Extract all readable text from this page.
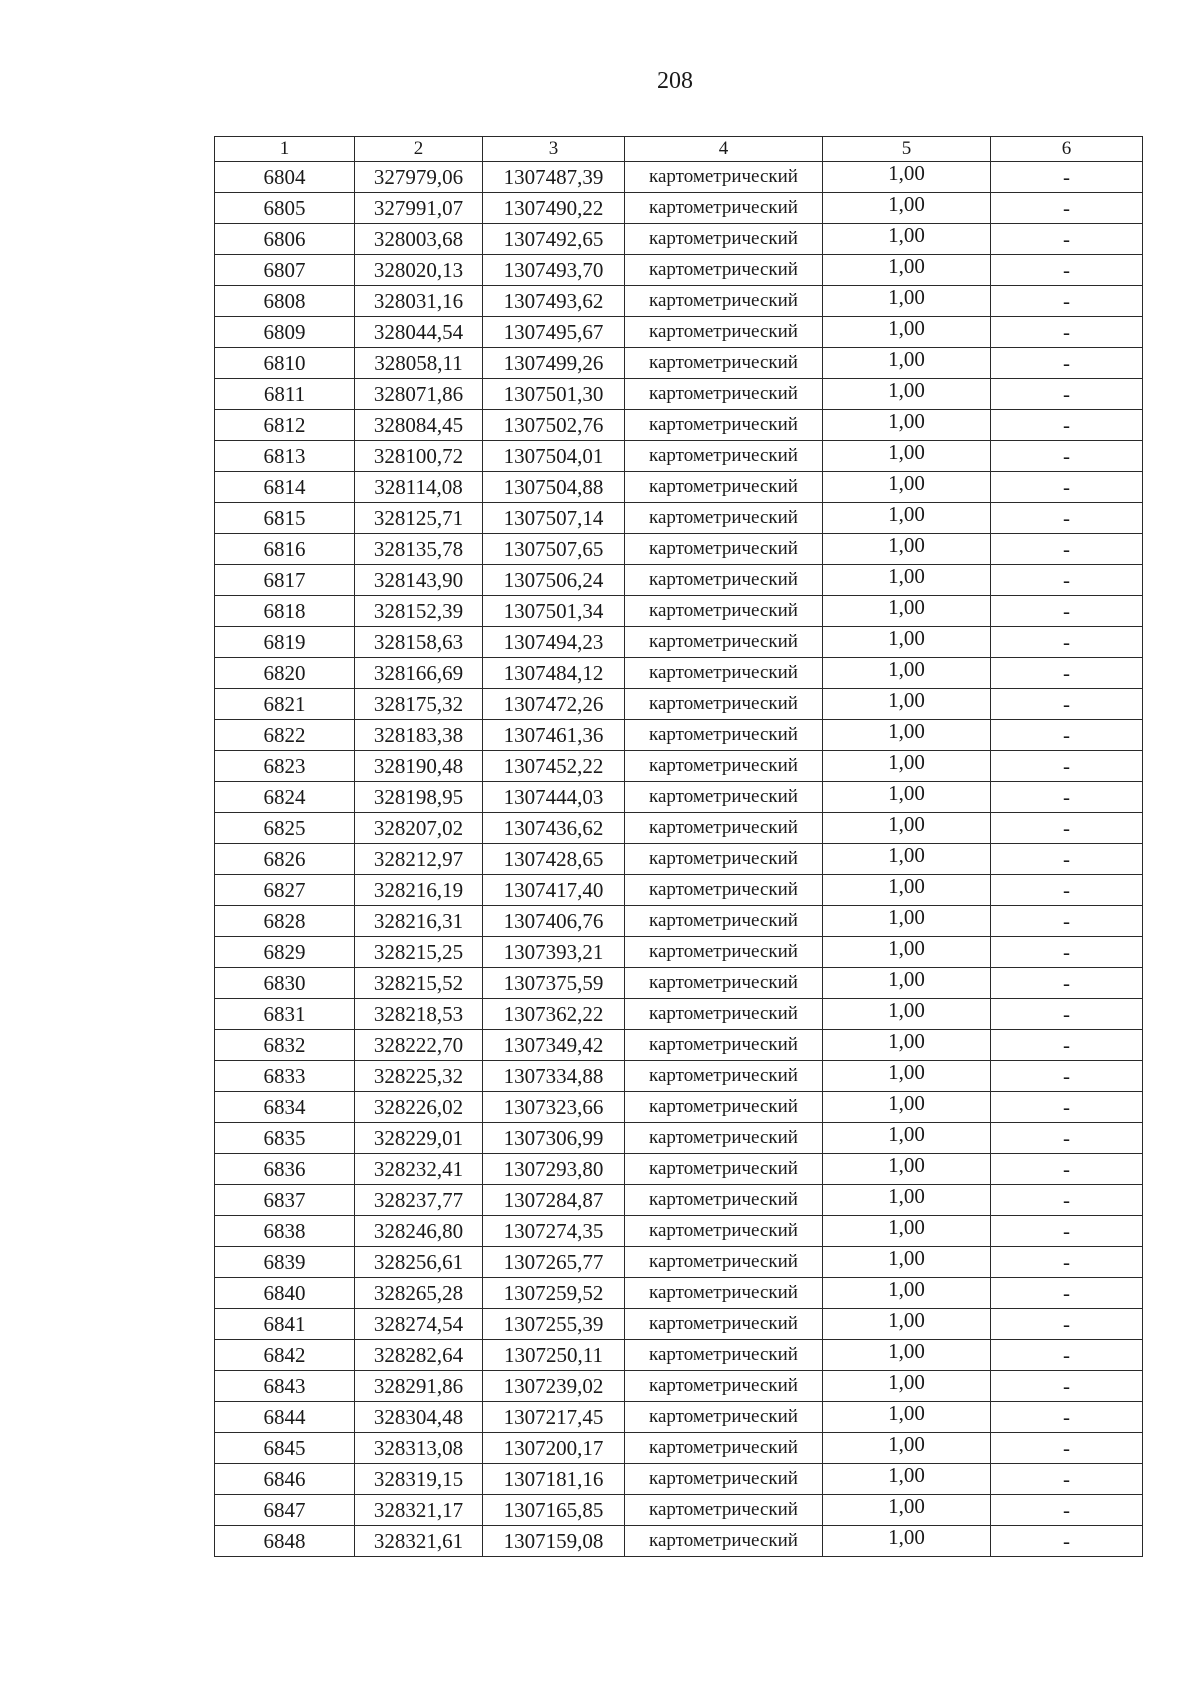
208
1	2	3	4	5	6
6804	327979,06	1307487,39	картометрический	1,00	-
6805	327991,07	1307490,22	картометрический	1,00	-
6806	328003,68	1307492,65	картометрический	1,00	-
6807	328020,13	1307493,70	картометрический	1,00	-
6808	328031,16	1307493,62	картометрический	1,00	-
6809	328044,54	1307495,67	картометрический	1,00	-
6810	328058,11	1307499,26	картометрический	1,00	-
6811	328071,86	1307501,30	картометрический	1,00	-
6812	328084,45	1307502,76	картометрический	1,00	-
6813	328100,72	1307504,01	картометрический	1,00	-
6814	328114,08	1307504,88	картометрический	1,00	-
6815	328125,71	1307507,14	картометрический	1,00	-
6816	328135,78	1307507,65	картометрический	1,00	-
6817	328143,90	1307506,24	картометрический	1,00	-
6818	328152,39	1307501,34	картометрический	1,00	-
6819	328158,63	1307494,23	картометрический	1,00	-
6820	328166,69	1307484,12	картометрический	1,00	-
6821	328175,32	1307472,26	картометрический	1,00	-
6822	328183,38	1307461,36	картометрический	1,00	-
6823	328190,48	1307452,22	картометрический	1,00	-
6824	328198,95	1307444,03	картометрический	1,00	-
6825	328207,02	1307436,62	картометрический	1,00	-
6826	328212,97	1307428,65	картометрический	1,00	-
6827	328216,19	1307417,40	картометрический	1,00	-
6828	328216,31	1307406,76	картометрический	1,00	-
6829	328215,25	1307393,21	картометрический	1,00	-
6830	328215,52	1307375,59	картометрический	1,00	-
6831	328218,53	1307362,22	картометрический	1,00	-
6832	328222,70	1307349,42	картометрический	1,00	-
6833	328225,32	1307334,88	картометрический	1,00	-
6834	328226,02	1307323,66	картометрический	1,00	-
6835	328229,01	1307306,99	картометрический	1,00	-
6836	328232,41	1307293,80	картометрический	1,00	-
6837	328237,77	1307284,87	картометрический	1,00	-
6838	328246,80	1307274,35	картометрический	1,00	-
6839	328256,61	1307265,77	картометрический	1,00	-
6840	328265,28	1307259,52	картометрический	1,00	-
6841	328274,54	1307255,39	картометрический	1,00	-
6842	328282,64	1307250,11	картометрический	1,00	-
6843	328291,86	1307239,02	картометрический	1,00	-
6844	328304,48	1307217,45	картометрический	1,00	-
6845	328313,08	1307200,17	картометрический	1,00	-
6846	328319,15	1307181,16	картометрический	1,00	-
6847	328321,17	1307165,85	картометрический	1,00	-
6848	328321,61	1307159,08	картометрический	1,00	-
